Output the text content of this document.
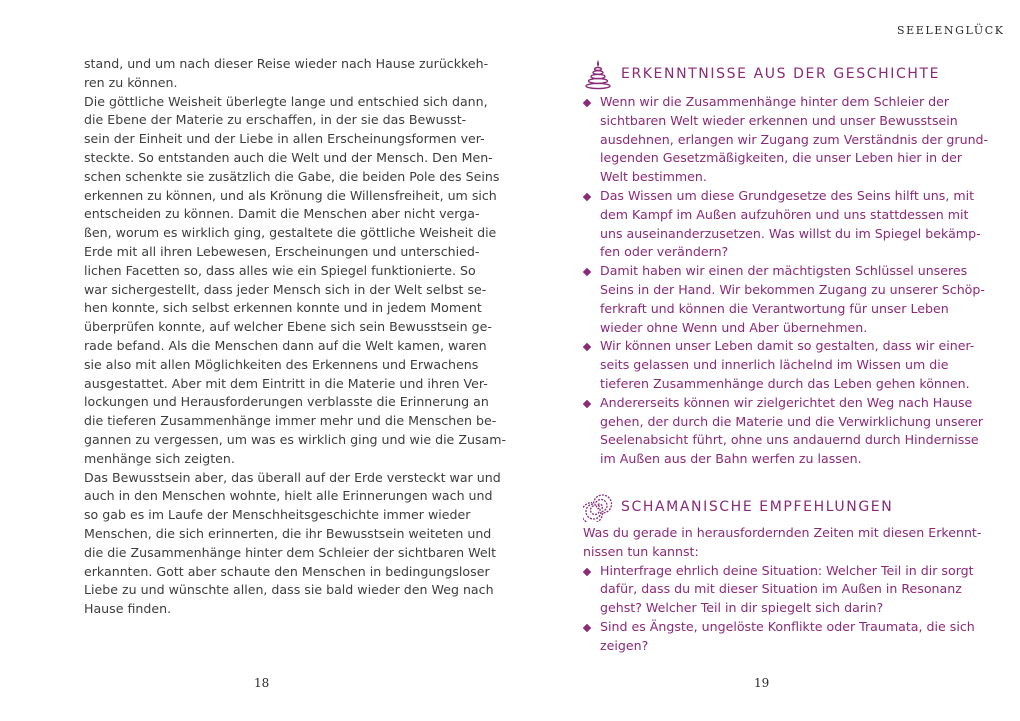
stand, und um nach dieser Reise wieder nach Hause zurückkeh-
ren zu können.
Die göttliche Weisheit überlegte lange und entschied sich dann,
die Ebene der Materie zu erschaffen, in der sie das Bewusst-
sein der Einheit und der Liebe in allen Erscheinungsformen ver-
steckte. So entstanden auch die Welt und der Mensch. Den Men-
schen schenkte sie zusätzlich die Gabe, die beiden Pole des Seins
erkennen zu können, und als Krönung die Willensfreiheit, um sich
entscheiden zu können. Damit die Menschen aber nicht verga-
ßen, worum es wirklich ging, gestaltete die göttliche Weisheit die
Erde mit all ihren Lebewesen, Erscheinungen und unterschied-
lichen Facetten so, dass alles wie ein Spiegel funktionierte. So
war sichergestellt, dass jeder Mensch sich in der Welt selbst se-
hen konnte, sich selbst erkennen konnte und in jedem Moment
überprüfen konnte, auf welcher Ebene sich sein Bewusstsein ge-
rade befand. Als die Menschen dann auf die Welt kamen, waren
sie also mit allen Möglichkeiten des Erkennens und Erwachens
ausgestattet. Aber mit dem Eintritt in die Materie und ihren Ver-
lockungen und Herausforderungen verblasste die Erinnerung an
die tieferen Zusammenhänge immer mehr und die Menschen be-
gannen zu vergessen, um was es wirklich ging und wie die Zusam-
menhänge sich zeigten.
Das Bewusstsein aber, das überall auf der Erde versteckt war und
auch in den Menschen wohnte, hielt alle Erinnerungen wach und
so gab es im Laufe der Menschheitsgeschichte immer wieder
Menschen, die sich erinnerten, die ihr Bewusstsein weiteten und
die die Zusammenhänge hinter dem Schleier der sichtbaren Welt
erkannten. Gott aber schaute den Menschen in bedingungsloser
Liebe zu und wünschte allen, dass sie bald wieder den Weg nach
Hause finden.
18
SEELENGLÜCK
ERKENNTNISSE AUS DER GESCHICHTE
Wenn wir die Zusammenhänge hinter dem Schleier der
sichtbaren Welt wieder erkennen und unser Bewusstsein
ausdehnen, erlangen wir Zugang zum Verständnis der grund-
legenden Gesetzmäßigkeiten, die unser Leben hier in der
Welt bestimmen.
Das Wissen um diese Grundgesetze des Seins hilft uns, mit
dem Kampf im Außen aufzuhören und uns stattdessen mit
uns auseinanderzusetzen. Was willst du im Spiegel bekämp-
fen oder verändern?
Damit haben wir einen der mächtigsten Schlüssel unseres
Seins in der Hand. Wir bekommen Zugang zu unserer Schöp-
ferkraft und können die Verantwortung für unser Leben
wieder ohne Wenn und Aber übernehmen.
Wir können unser Leben damit so gestalten, dass wir einer-
seits gelassen und innerlich lächelnd im Wissen um die
tieferen Zusammenhänge durch das Leben gehen können.
Andererseits können wir zielgerichtet den Weg nach Hause
gehen, der durch die Materie und die Verwirklichung unserer
Seelenabsicht führt, ohne uns andauernd durch Hindernisse
im Außen aus der Bahn werfen zu lassen.
SCHAMANISCHE EMPFEHLUNGEN
Was du gerade in herausfordernden Zeiten mit diesen Erkennt-
nissen tun kannst:
Hinterfrage ehrlich deine Situation: Welcher Teil in dir sorgt
dafür, dass du mit dieser Situation im Außen in Resonanz
gehst? Welcher Teil in dir spiegelt sich darin?
Sind es Ängste, ungelöste Konflikte oder Traumata, die sich
zeigen?
19
